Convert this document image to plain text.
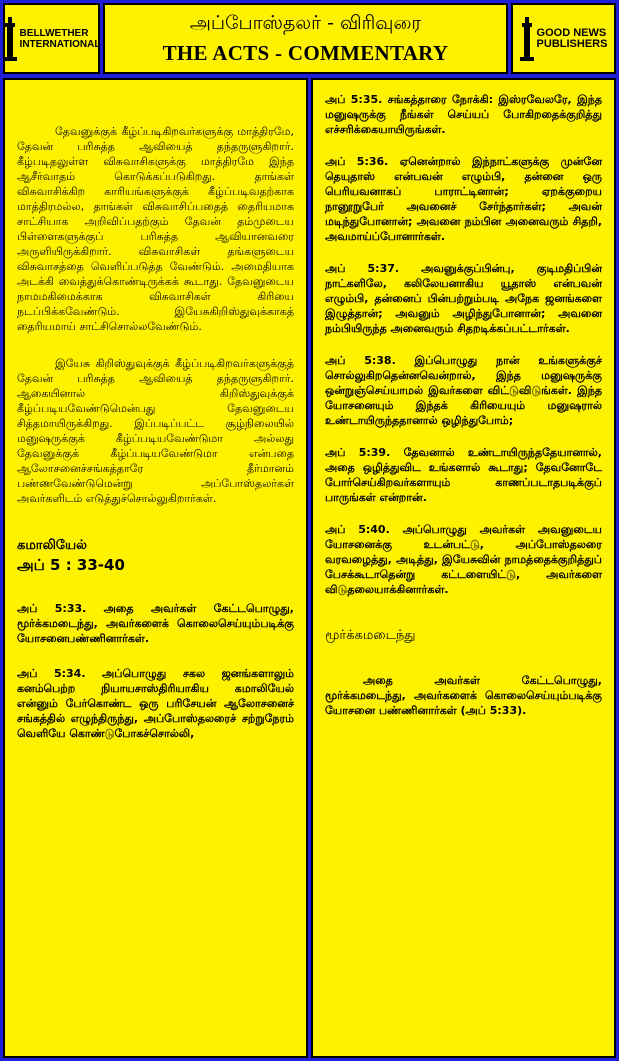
BELLWETHER
INTERNATIONAL
அப்போஸ்தலர் - விரிவுரை
THE ACTS - COMMENTARY
GOOD NEWS
PUBLISHERS

தேவனுக்குக் கீழ்ப்படிகிறவர்களுக்கு மாத்திரமே, தேவன் பரிசுத்த ஆவியைத் தந்தருளுகிறார். கீழ்படிதலுள்ள விசுவாசிகளுக்கு மாத்திரமே இந்த ஆசீர்வாதம் கொடுக்கப்படுகிறது. தாங்கள் விசுவாசிக்கிற காரியங்களுக்குக் கீழ்ப்படிவதற்காக மாத்திரமல்ல, தாங்கள் விசுவாசிப்பதைத் தைரியமாக சாட்சியாக அறிவிப்பதற்கும் தேவன் தம்முடைய பிள்ளைகளுக்குப் பரிசுத்த ஆவியானவரை அருளியிருக்கிறார். விசுவாசிகள் தங்களுடைய விசுவாசத்தை வெளிப்படுத்த வேண்டும். அமைதியாக அடக்கி வைத்துக்கொண்டிருக்கக் கூடாது. தேவனுடைய நாமமகிமைக்காக விசுவாசிகள் கிரியை நடப்பிக்கவேண்டும். இயேசுகிறிஸ்துவுக்காகத் தைரியமாய் சாட்சிசொல்லவேண்டும்.

இயேசு கிறிஸ்துவுக்குக் கீழ்ப்படிகிறவர்களுக்குத் தேவன் பரிசுத்த ஆவியைத் தந்தருளுகிறார். ஆகையினால் கிறிஸ்துவுக்குக் கீழ்ப்படியவேண்டுமென்பது தேவனுடைய சித்தமாயிருக்கிறது. இப்படிப்பட்ட சூழ்நிலையில் மனுஷருக்குக் கீழ்ப்படியவேண்டுமா அல்லது தேவனுக்குக் கீழ்ப்படியவேண்டுமா என்பதை ஆலோசனைச்சங்கத்தாரே தீர்மானம் பண்ணவேண்டுமென்று அப்போஸ்தலர்கள் அவர்களிடம் எடுத்துச்சொல்லுகிறார்கள்.

கமாலியேல்

அப் 5 : 33-40

அப் 5:33. அதை அவர்கள் கேட்டபொழுது, மூர்க்கமடைந்து, அவர்களைக் கொலைசெய்யும்படிக்கு யோசனைபண்ணினார்கள்.

அப் 5:34. அப்பொழுது சகல ஜனங்களாலும் கனம்பெற்ற நியாயசாஸ்திரியாகிய கமாலியேல் என்னும் பேர்கொண்ட ஒரு பரிசேயன் ஆலோசனைச் சங்கத்தில் எழுந்திருந்து, அப்போஸ்தலரைச் சற்றுநேரம் வெளியே கொண்டுபோகச்சொல்லி,

அப் 5:35. சங்கத்தாரை நோக்கி: இஸ்ரவேலரே, இந்த மனுஷருக்கு நீங்கள் செய்யப் போகிறதைக்குறித்து எச்சரிக்கையாயிருங்கள்.

அப் 5:36. ஏனென்றால் இந்நாட்களுக்கு முன்னே தெயுதாஸ் என்பவன் எழும்பி, தன்னை ஒரு பெரியவனாகப் பாராட்டினான்; ஏறக்குறைய நானூறுபேர் அவனைச் சேர்ந்தார்கள்; அவன் மடிந்துபோனான்; அவனை நம்பின அனைவரும் சிதறி, அவமாய்ப்போனார்கள்.

அப் 5:37. அவனுக்குப்பின்பு, குடிமதிப்பின் நாட்களிலே, கலிலேயனாகிய யூதாஸ் என்பவன் எழும்பி, தன்னைப் பின்பற்றும்படி அநேக ஜனங்களை இழுத்தான்; அவனும் அழிந்துபோனான்; அவனை நம்பியிருந்த அனைவரும் சிதறடிக்கப்பட்டார்கள்.

அப் 5:38. இப்பொழுது நான் உங்களுக்குச் சொல்லுகிறதென்னவென்றால், இந்த மனுஷருக்கு ஒன்றுஞ்செய்யாமல் இவர்களை விட்டுவிடுங்கள். இந்த யோசனையும் இந்தக் கிரியையும் மனுஷரால் உண்டாயிருந்ததானால் ஒழிந்துபோம்;

அப் 5:39. தேவனால் உண்டாயிருந்ததேயானால், அதை ஒழித்துவிட உங்களால் கூடாது; தேவனோடே போர்செய்கிறவர்களாயும் காணப்படாதபடிக்குப் பாருங்கள் என்றான்.

அப் 5:40. அப்பொழுது அவர்கள் அவனுடைய யோசனைக்கு உடன்பட்டு, அப்போஸ்தலரை வரவழைத்து, அடித்து, இயேசுவின் நாமத்தைக்குறித்துப் பேசக்கூடாதென்று கட்டளையிட்டு, அவர்களை விடுதலையாக்கினார்கள்.

மூர்க்கமடைந்து

அதை அவர்கள் கேட்டபொழுது, மூர்க்கமடைந்து, அவர்களைக் கொலைசெய்யும்படிக்கு யோசனை பண்ணினார்கள் (அப் 5:33).
